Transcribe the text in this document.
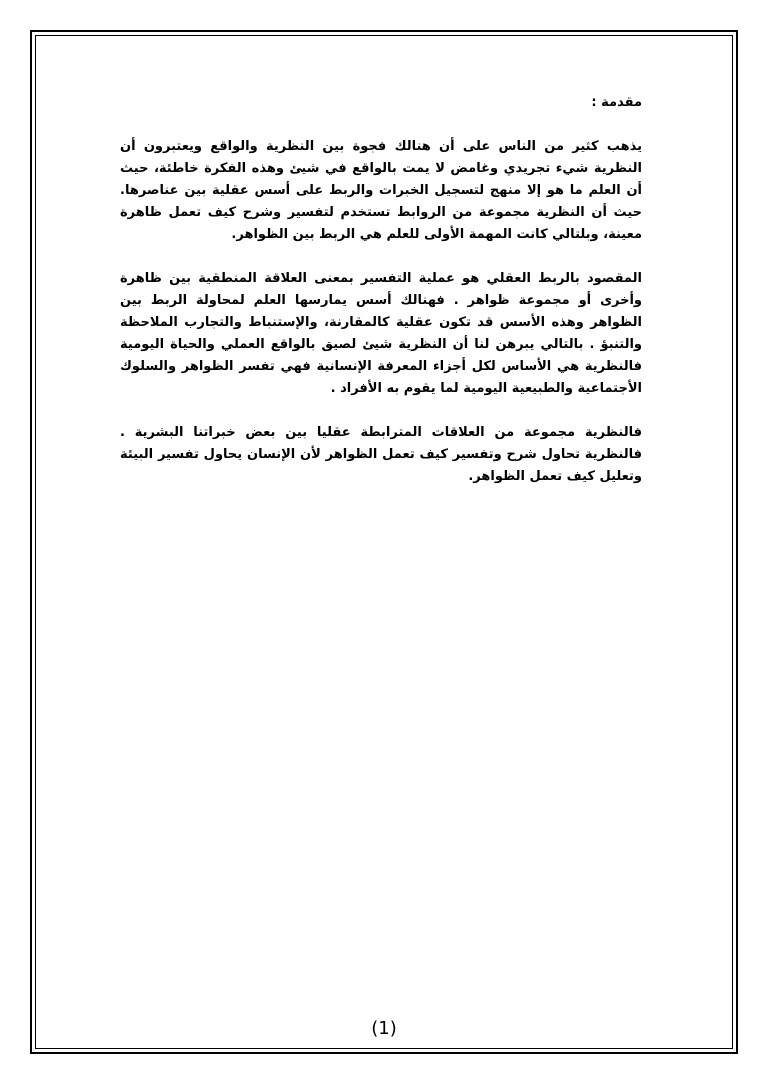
مقدمة :

يذهب كثير من الناس على أن هنالك فجوة بين النظرية والواقع ويعتبرون أن النظرية شيء تجريدي وغامض لا يمت بالواقع في شيئ وهذه الفكرة خاطئة، حيث أن العلم ما هو إلا منهج لتسجيل الخبرات والربط على أسس عقلية بين عناصرها. حيث أن النظرية مجموعة من الروابط تستخدم لتفسير وشرح كيف تعمل ظاهرة معينة، وبلتالي كانت المهمة الأولى للعلم هي الربط بين الظواهر.

المقصود بالربط العقلي هو عملية التفسير بمعنى العلاقة المنطقية بين ظاهرة وأخرى أو مجموعة ظواهر . فهنالك أسس يمارسها العلم لمحاولة الربط بين الظواهر وهذه الأسس قد تكون عقلية كالمقارنة، والإستنباط والتجارب الملاحظة والتنبؤ . بالتالي يبرهن لنا أن النظرية شيئ لصيق بالواقع العملي والحياة اليومية فالنظرية هي الأساس لكل أجزاء المعرفة الإنسانية فهي تفسر الظواهر والسلوك الأجتماعية والطبيعية اليومية لما يقوم به الأفراد .

فالنظرية مجموعة من العلاقات المترابطة عقليا بين بعض خبراتنا البشرية . فالنظرية تحاول شرح وتفسير كيف تعمل الظواهر لأن الإنسان يحاول تفسير البيئة وتعليل كيف تعمل الظواهر.

(1)
